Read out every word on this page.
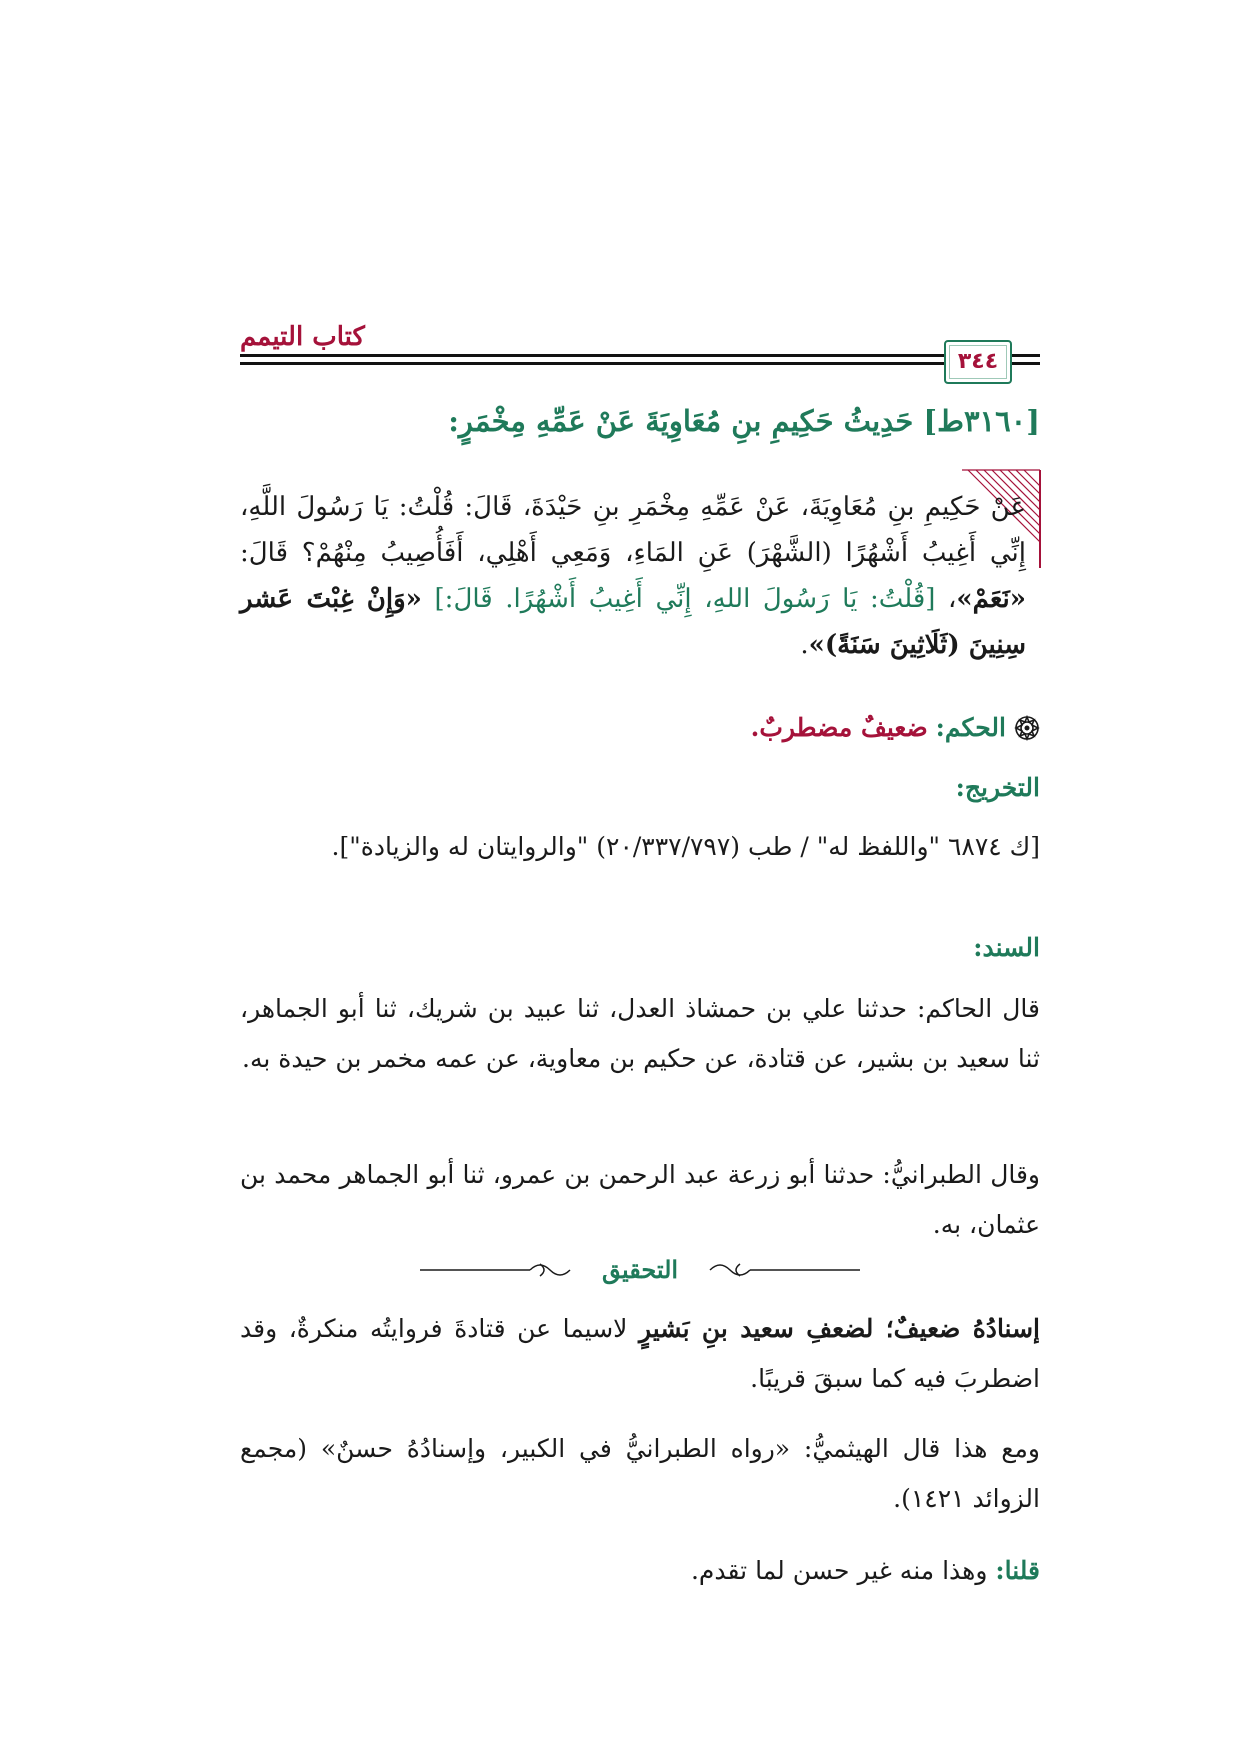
كتاب التيمم
٣٤٤
[٣١٦٠ط] حَدِيثُ حَكِيمِ بنِ مُعَاوِيَةَ عَنْ عَمِّهِ مِخْمَرٍ:
عَنْ حَكِيمِ بنِ مُعَاوِيَةَ، عَنْ عَمِّهِ مِخْمَرِ بنِ حَيْدَةَ، قَالَ: قُلْتُ: يَا رَسُولَ اللَّهِ، إِنِّي أَغِيبُ أَشْهُرًا (الشَّهْرَ) عَنِ المَاءِ، وَمَعِي أَهْلِي، أَفَأُصِيبُ مِنْهُمْ؟ قَالَ: «نَعَمْ»، [قُلْتُ: يَا رَسُولَ اللهِ، إِنِّي أَغِيبُ أَشْهُرًا. قَالَ:] «وَإِنْ غِبْتَ عَشر سِنِينَ (ثَلَاثِينَ سَنَةً)».
الحكم: ضعيفٌ مضطربٌ.
التخريج:
[ك ٦٨٧٤ "واللفظ له" / طب (٢٠/٣٣٧/٧٩٧) "والروايتان له والزيادة"].
السند:
قال الحاكم: حدثنا علي بن حمشاذ العدل، ثنا عبيد بن شريك، ثنا أبو الجماهر، ثنا سعيد بن بشير، عن قتادة، عن حكيم بن معاوية، عن عمه مخمر بن حيدة به.
وقال الطبرانيُّ: حدثنا أبو زرعة عبد الرحمن بن عمرو، ثنا أبو الجماهر محمد بن عثمان، به.
التحقيق
إسنادُهُ ضعيفٌ؛ لضعفِ سعيد بنِ بَشيرٍ لاسيما عن قتادةَ فروايتُه منكرةٌ، وقد اضطربَ فيه كما سبقَ قريبًا.
ومع هذا قال الهيثميُّ: «رواه الطبرانيُّ في الكبير، وإسنادُهُ حسنٌ» (مجمع الزوائد ١٤٢١).
قلنا: وهذا منه غير حسن لما تقدم.
